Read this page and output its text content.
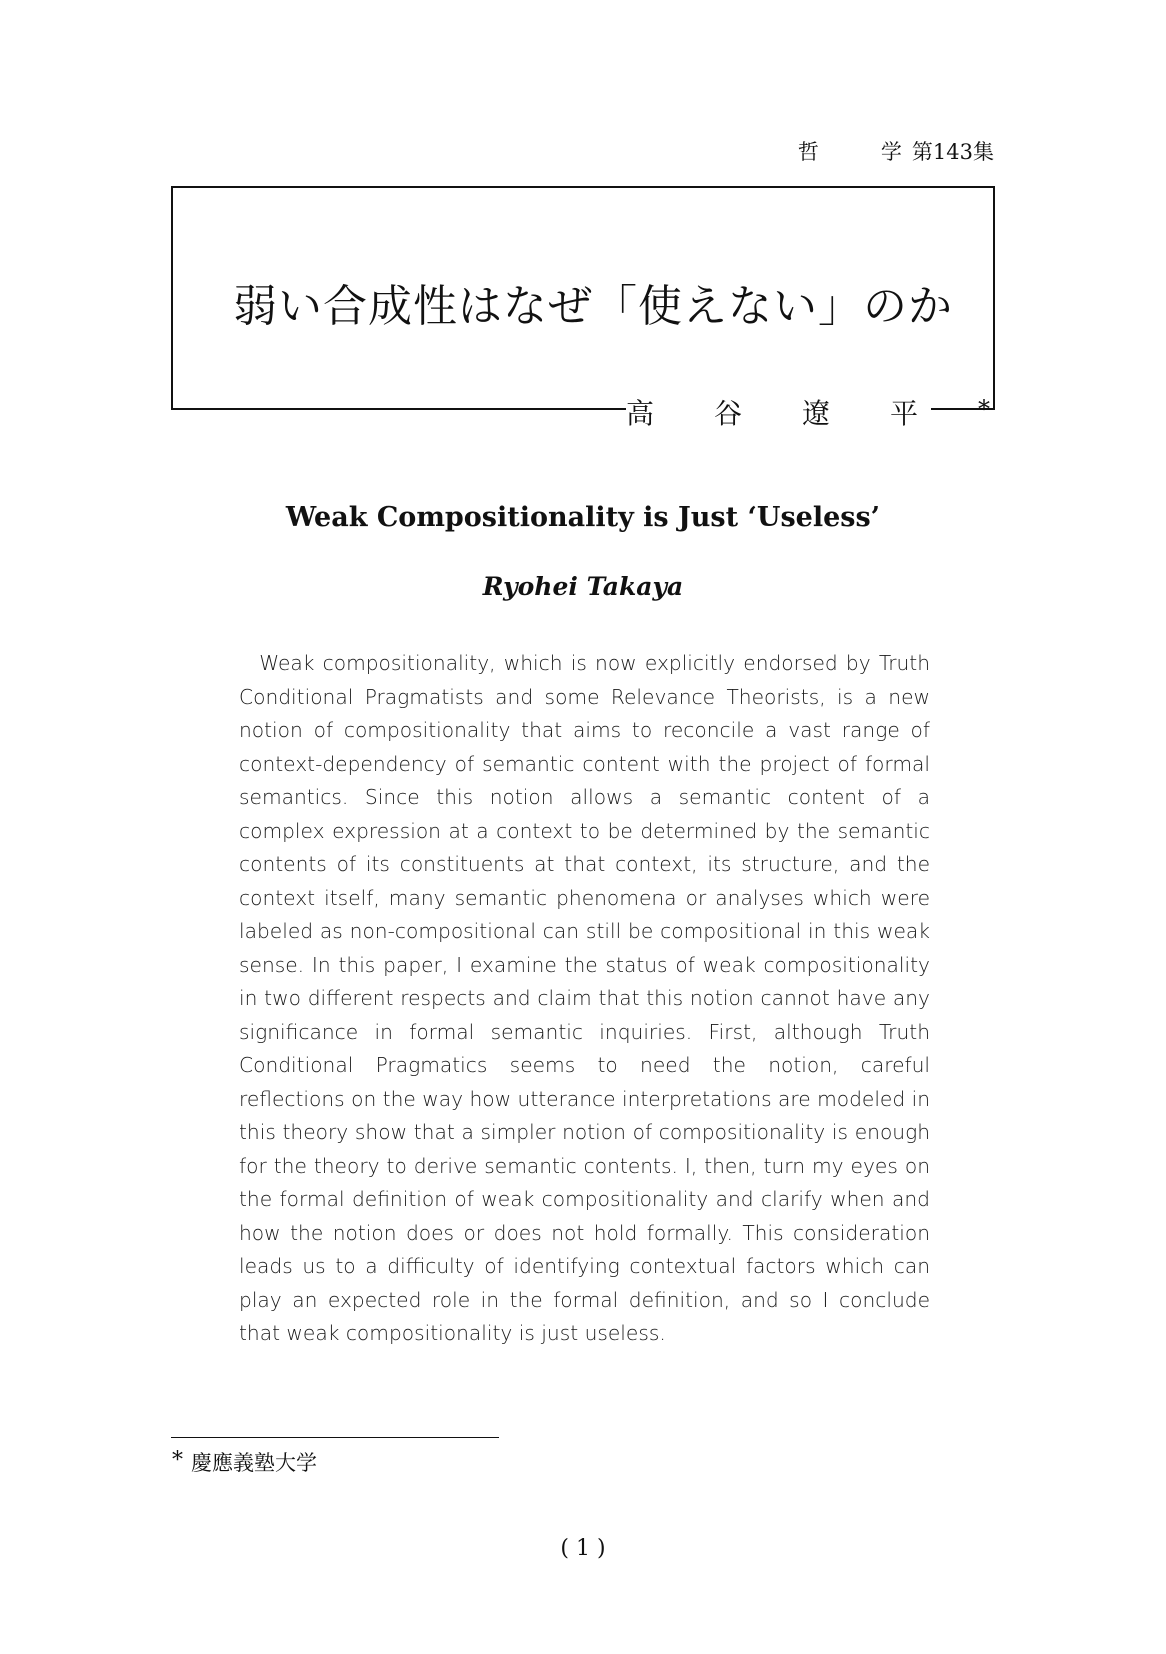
哲	学 第143集
弱い合成性はなぜ「使えない」のか
高 谷 遼 平 *
Weak Compositionality is Just ‘Useless’
Ryohei Takaya

Weak compositionality, which is now explicitly endorsed by Truth Conditional Pragmatists and some Relevance Theorists, is a new notion of compositionality that aims to reconcile a vast range of context-dependency of semantic content with the project of formal semantics. Since this notion allows a semantic content of a complex expression at a context to be determined by the semantic contents of its constituents at that context, its structure, and the context itself, many semantic phenomena or analyses which were labeled as non-compositional can still be compositional in this weak sense. In this paper, I examine the status of weak compositionality in two different respects and claim that this notion cannot have any significance in formal semantic inquiries. First, although Truth Conditional Pragmatics seems to need the notion, careful reflections on the way how utterance interpretations are modeled in this theory show that a simpler notion of compositionality is enough for the theory to derive semantic contents. I, then, turn my eyes on the formal definition of weak compositionality and clarify when and how the notion does or does not hold formally. This consideration leads us to a difficulty of identifying contextual factors which can play an expected role in the formal definition, and so I conclude that weak compositionality is just useless.

* 慶應義塾大学
( 1 )
